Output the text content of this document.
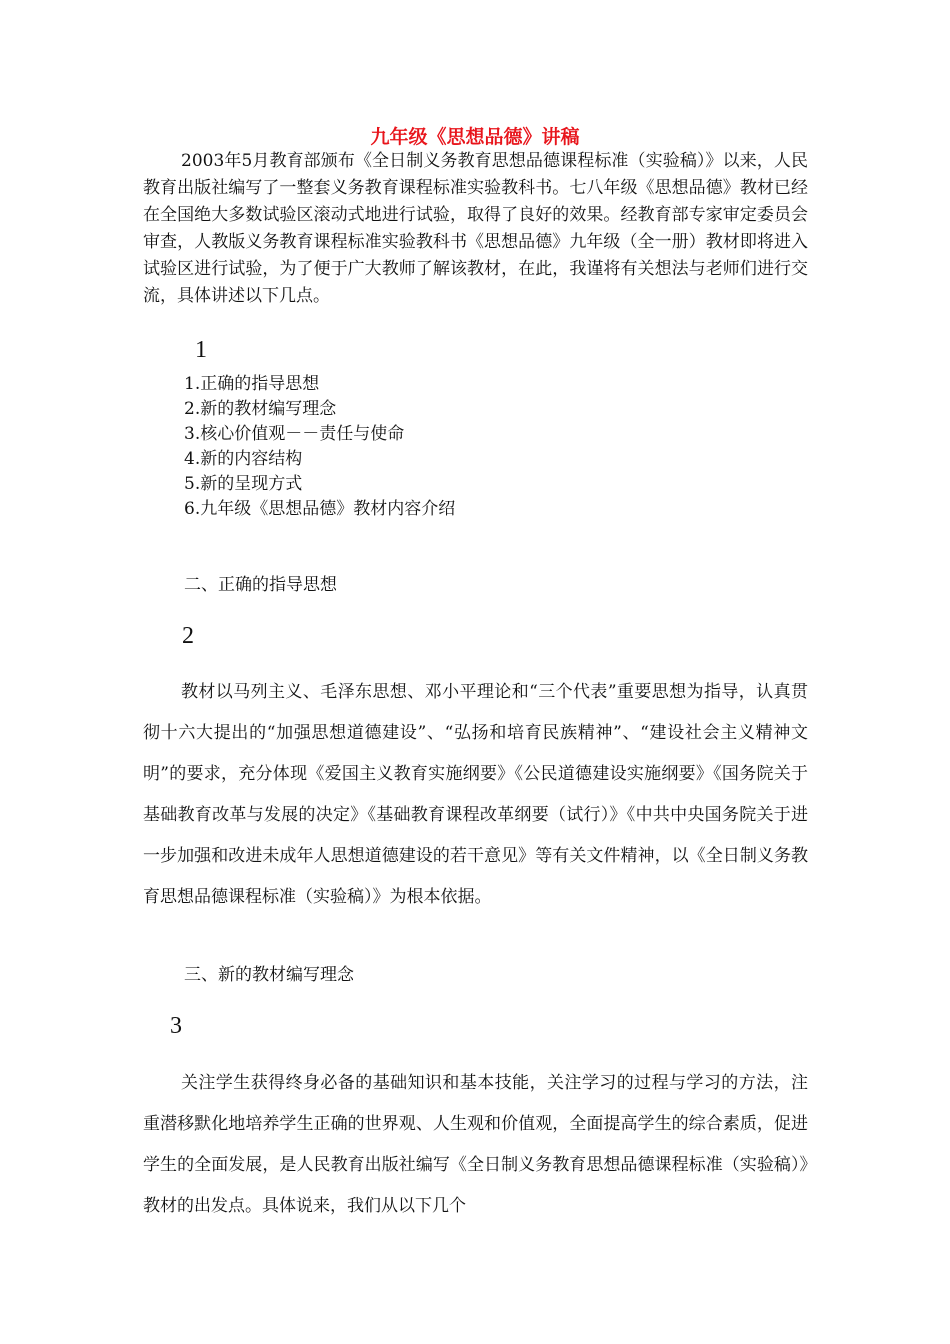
九年级《思想品德》讲稿

2003年5月教育部颁布《全日制义务教育思想品德课程标准（实验稿）》以来，人民教育出版社编写了一整套义务教育课程标准实验教科书。七八年级《思想品德》教材已经在全国绝大多数试验区滚动式地进行试验，取得了良好的效果。经教育部专家审定委员会审查，人教版义务教育课程标准实验教科书《思想品德》九年级（全一册）教材即将进入试验区进行试验，为了便于广大教师了解该教材，在此，我谨将有关想法与老师们进行交流，具体讲述以下几点。

1
1.正确的指导思想
2.新的教材编写理念
3.核心价值观－－责任与使命
4.新的内容结构
5.新的呈现方式
6.九年级《思想品德》教材内容介绍
二、正确的指导思想
2

教材以马列主义、毛泽东思想、邓小平理论和“三个代表”重要思想为指导，认真贯彻十六大提出的“加强思想道德建设”、“弘扬和培育民族精神”、“建设社会主义精神文明”的要求，充分体现《爱国主义教育实施纲要》《公民道德建设实施纲要》《国务院关于基础教育改革与发展的决定》《基础教育课程改革纲要（试行）》《中共中央国务院关于进一步加强和改进未成年人思想道德建设的若干意见》等有关文件精神，以《全日制义务教育思想品德课程标准（实验稿）》为根本依据。

三、新的教材编写理念
3

关注学生获得终身必备的基础知识和基本技能，关注学习的过程与学习的方法，注重潜移默化地培养学生正确的世界观、人生观和价值观，全面提高学生的综合素质，促进学生的全面发展，是人民教育出版社编写《全日制义务教育思想品德课程标准（实验稿）》教材的出发点。具体说来，我们从以下几个
